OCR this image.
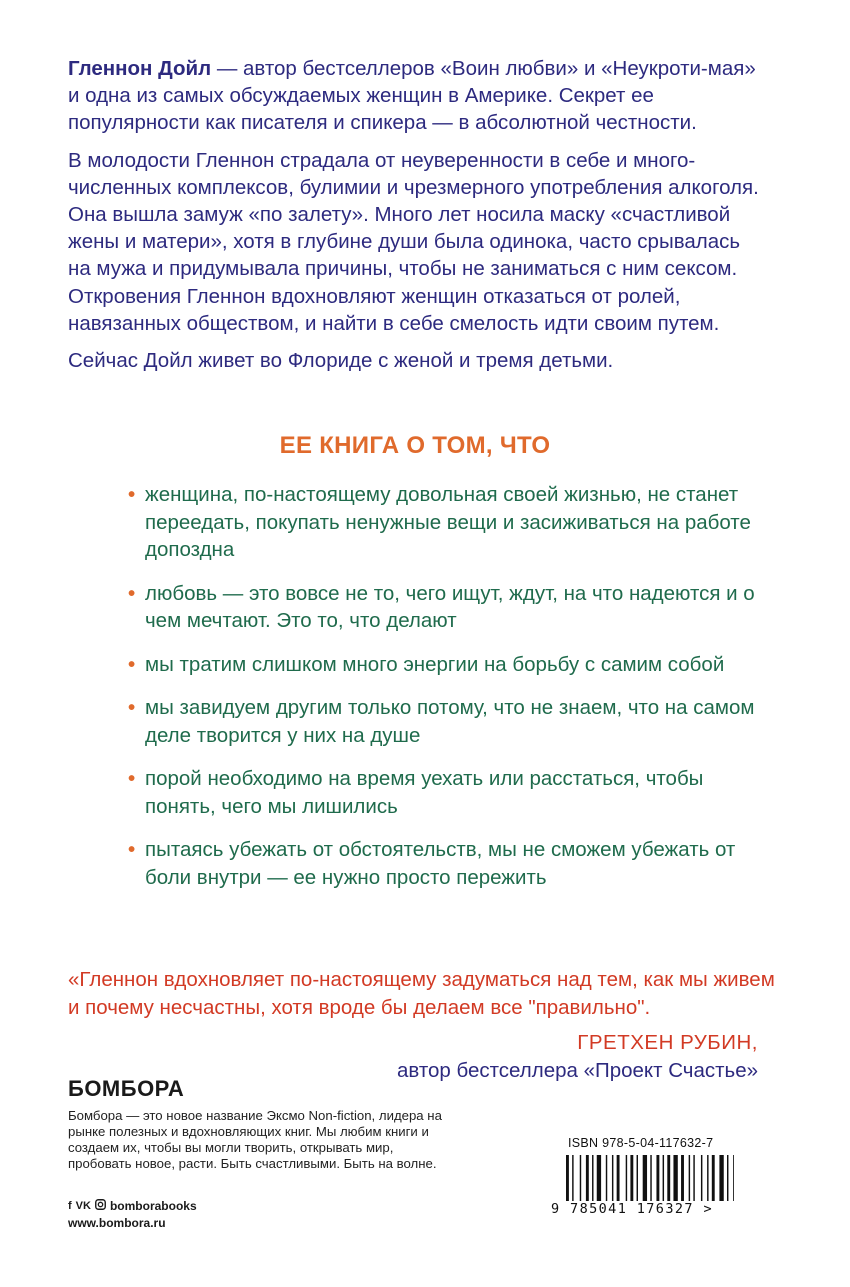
Гленнон Дойл — автор бестселлеров «Воин любви» и «Неукроти-мая» и одна из самых обсуждаемых женщин в Америке. Секрет ее популярности как писателя и спикера — в абсолютной честности.

В молодости Гленнон страдала от неуверенности в себе и много-численных комплексов, булимии и чрезмерного употребления алкоголя. Она вышла замуж «по залету». Много лет носила маску «счастливой жены и матери», хотя в глубине души была одинока, часто срывалась на мужа и придумывала причины, чтобы не заниматься с ним сексом. Откровения Гленнон вдохновляют женщин отказаться от ролей, навязанных обществом, и найти в себе смелость идти своим путем.

Сейчас Дойл живет во Флориде с женой и тремя детьми.

ЕЕ КНИГА О ТОМ, ЧТО
• женщина, по-настоящему довольная своей жизнью, не станет переедать, покупать ненужные вещи и засиживаться на работе допоздна
• любовь — это вовсе не то, чего ищут, ждут, на что надеются и о чем мечтают. Это то, что делают
• мы тратим слишком много энергии на борьбу с самим собой
• мы завидуем другим только потому, что не знаем, что на самом деле творится у них на душе
• порой необходимо на время уехать или расстаться, чтобы понять, чего мы лишились
• пытаясь убежать от обстоятельств, мы не сможем убежать от боли внутри — ее нужно просто пережить
«Гленнон вдохновляет по-настоящему задуматься над тем, как мы живем и почему несчастны, хотя вроде бы делаем все "правильно".
ГРЕТХЕН РУБИН,
автор бестселлера «Проект Счастье»
БОМБОРА
Бомбора — это новое название Эксмо Non-fiction, лидера на рынке полезных и вдохновляющих книг. Мы любим книги и создаем их, чтобы вы могли творить, открывать мир, пробовать новое, расти. Быть счастливыми. Быть на волне.
f VK bomborabooks
www.bombora.ru
ISBN 978-5-04-117632-7
9 785041 176327 >
